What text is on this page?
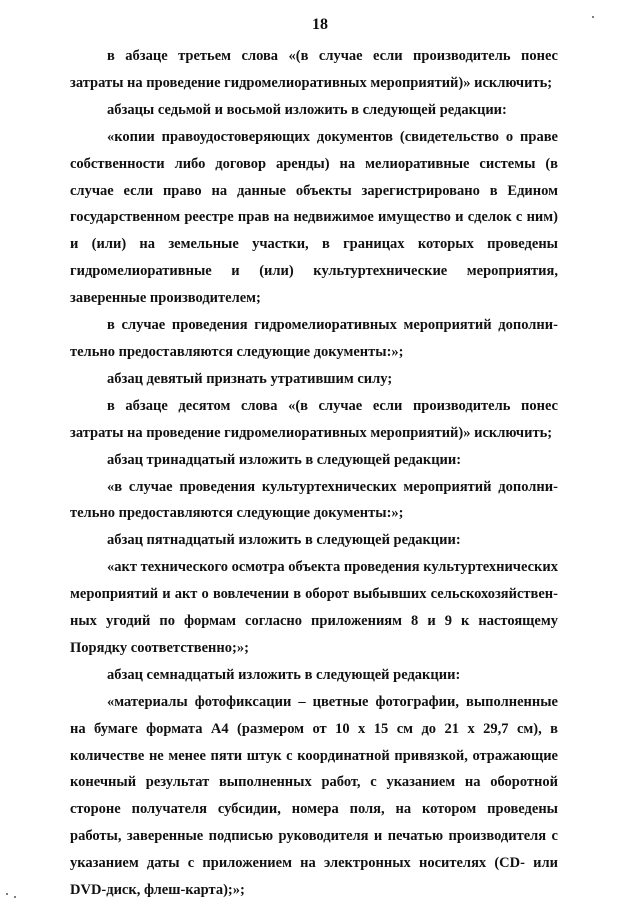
18

в абзаце третьем слова «(в случае если производитель понес затраты на проведение гидромелиоративных мероприятий)» исключить;

абзацы седьмой и восьмой изложить в следующей редакции:

«копии правоудостоверяющих документов (свидетельство о праве собственности либо договор аренды) на мелиоративные системы (в случае если право на данные объекты зарегистрировано в Едином государственном реестре прав на недвижимое имущество и сделок с ним) и (или) на земельные участки, в границах которых проведены гидромелиоративные и (или) культуртехнические мероприятия, заверенные производителем;

в случае проведения гидромелиоративных мероприятий дополнительно предоставляются следующие документы:»;

абзац девятый признать утратившим силу;

в абзаце десятом слова «(в случае если производитель понес затраты на проведение гидромелиоративных мероприятий)» исключить;

абзац тринадцатый изложить в следующей редакции:

«в случае проведения культуртехнических мероприятий дополнительно предоставляются следующие документы:»;

абзац пятнадцатый изложить в следующей редакции:

«акт технического осмотра объекта проведения культуртехнических мероприятий и акт о вовлечении в оборот выбывших сельскохозяйственных угодий по формам согласно приложениям 8 и 9 к настоящему Порядку соответственно;»;

абзац семнадцатый изложить в следующей редакции:

«материалы фотофиксации – цветные фотографии, выполненные на бумаге формата А4 (размером от 10 х 15 см до 21 х 29,7 см), в количестве не менее пяти штук с координатной привязкой, отражающие конечный результат выполненных работ, с указанием на оборотной стороне получателя субсидии, номера поля, на котором проведены работы, заверенные подписью руководителя и печатью производителя с указанием даты с приложением на электронных носителях (CD- или DVD-диск, флеш-карта);»;
